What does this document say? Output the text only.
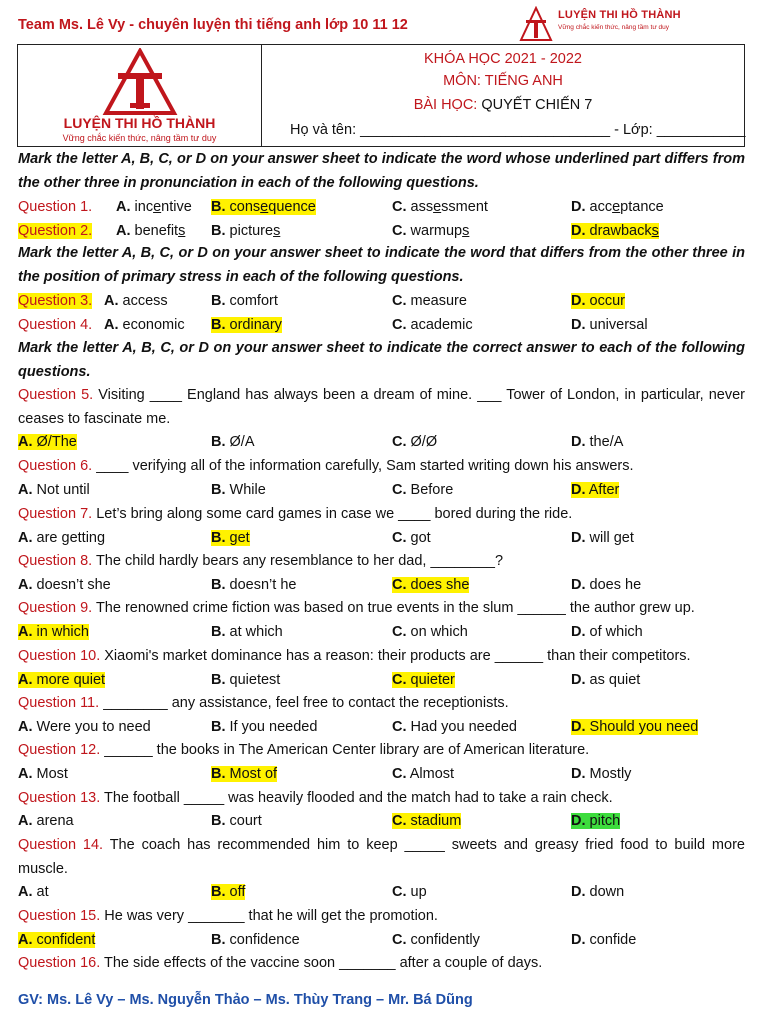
Team Ms. Lê Vy - chuyên luyện thi tiếng anh lớp 10 11 12
LUYỆN THI HỒ THÀNH
Vững chắc kiến thức, nâng tầm tư duy
LUYỆN THI HỒ THÀNH
Vững chắc kiến thức, nâng tầm tư duy
KHÓA HỌC 2021 - 2022
MÔN: TIẾNG ANH
BÀI HỌC: QUYẾT CHIẾN 7
Họ và tên: _______________________________ - Lớp: ___________
Mark the letter A, B, C, or D on your answer sheet to indicate the word whose underlined part differs from the other three in pronunciation in each of the following questions.
Question 1. A. incentive B. consequence	C. assessment	D. acceptance
Question 2. A. benefits B. pictures	C. warmups	D. drawbacks
Mark the letter A, B, C, or D on your answer sheet to indicate the word that differs from the other three in the position of primary stress in each of the following questions.
Question 3. A. access	B. comfort	C. measure	D. occur
Question 4. A. economic B. ordinary	C. academic	D. universal
Mark the letter A, B, C, or D on your answer sheet to indicate the correct answer to each of the following questions.
Question 5. Visiting ____ England has always been a dream of mine. ___ Tower of London, in particular, never ceases to fascinate me.
A. Ø/The	B. Ø/A	C. Ø/Ø	D. the/A
Question 6. ____ verifying all of the information carefully, Sam started writing down his answers.
A. Not until	B. While	C. Before	D. After
Question 7. Let’s bring along some card games in case we ____ bored during the ride.
A. are getting	B. get	C. got	D. will get
Question 8. The child hardly bears any resemblance to her dad, ________?
A. doesn’t she	B. doesn’t he	C. does she	D. does he
Question 9. The renowned crime fiction was based on true events in the slum ______ the author grew up.
A. in which	B. at which	C. on which	D. of which
Question 10. Xiaomi's market dominance has a reason: their products are ______ than their competitors.
A. more quiet	B. quietest	C. quieter	D. as quiet
Question 11. ________ any assistance, feel free to contact the receptionists.
A. Were you to need	B. If you needed	C. Had you needed	D. Should you need
Question 12. ______ the books in The American Center library are of American literature.
A. Most	B. Most of	C. Almost	D. Mostly
Question 13. The football _____ was heavily flooded and the match had to take a rain check.
A. arena	B. court	C. stadium	D. pitch
Question 14. The coach has recommended him to keep _____ sweets and greasy fried food to build more muscle.
A. at	B. off	C. up	D. down
Question 15. He was very _______ that he will get the promotion.
A. confident	B. confidence	C. confidently	D. confide
Question 16. The side effects of the vaccine soon _______ after a couple of days.
GV: Ms. Lê Vy – Ms. Nguyễn Thảo – Ms. Thùy Trang – Mr. Bá Dũng
